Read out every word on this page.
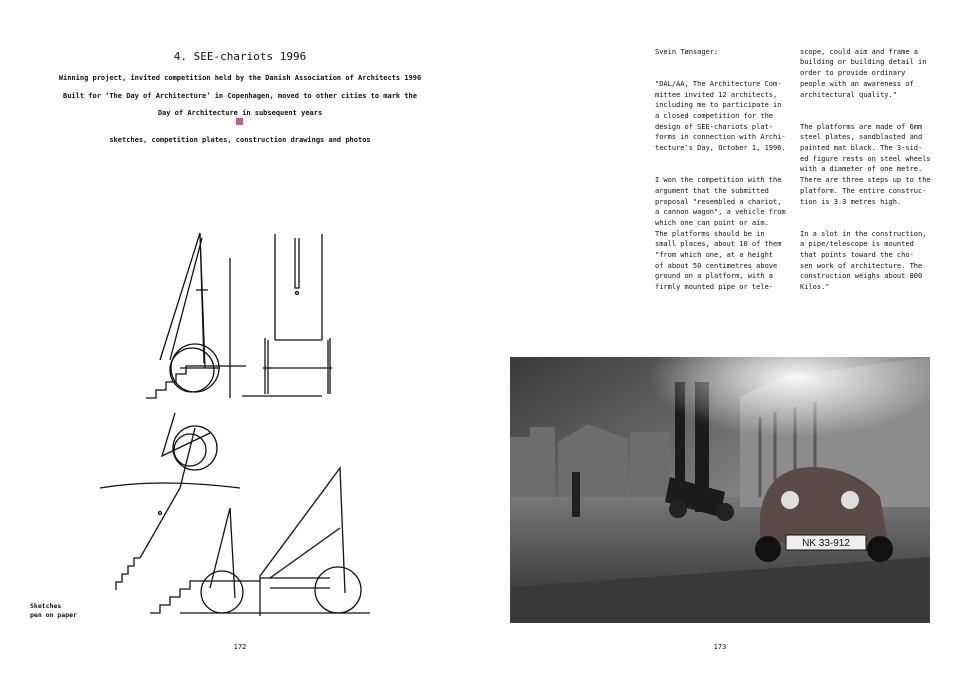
4. SEE-chariots 1996
Winning project, invited competition held by the Danish Association of Architects 1996
Built for ‘The Day of Architecture’ in Copenhagen, moved to other cities to mark the
Day of Architecture in subsequent years
sketches, competition plates, construction drawings and photos
Sketches
pen on paper
172

Svein Tønsager:

"DAL/AA, The Architecture Com-
mittee invited 12 architects,
including me to participate in
a closed competition for the
design of SEE-chariots plat-
forms in connection with Archi-
tecture's Day, October 1, 1996.

I won the competition with the
argument that the submitted
proposal "resembled a chariot,
a cannon wagon", a vehicle from
which one can point or aim.
The platforms should be in
small places, about 10 of them
"from which one, at a height
of about 50 centimetres above
ground on a platform, with a
firmly mounted pipe or tele-

scope, could aim and frame a
building or building detail in
order to provide ordinary
people with an awareness of
architectural quality."

The platforms are made of 6mm
steel plates, sandblasted and
painted mat black. The 3-sid-
ed figure rests on steel wheels
with a diameter of one metre.
There are three steps up to the
platform. The entire construc-
tion is 3.3 metres high.

In a slot in the construction,
a pipe/telescope is mounted
that points toward the cho-
sen work of architecture. The
construction weighs about 800
Kilos."

NK 33-912
173
